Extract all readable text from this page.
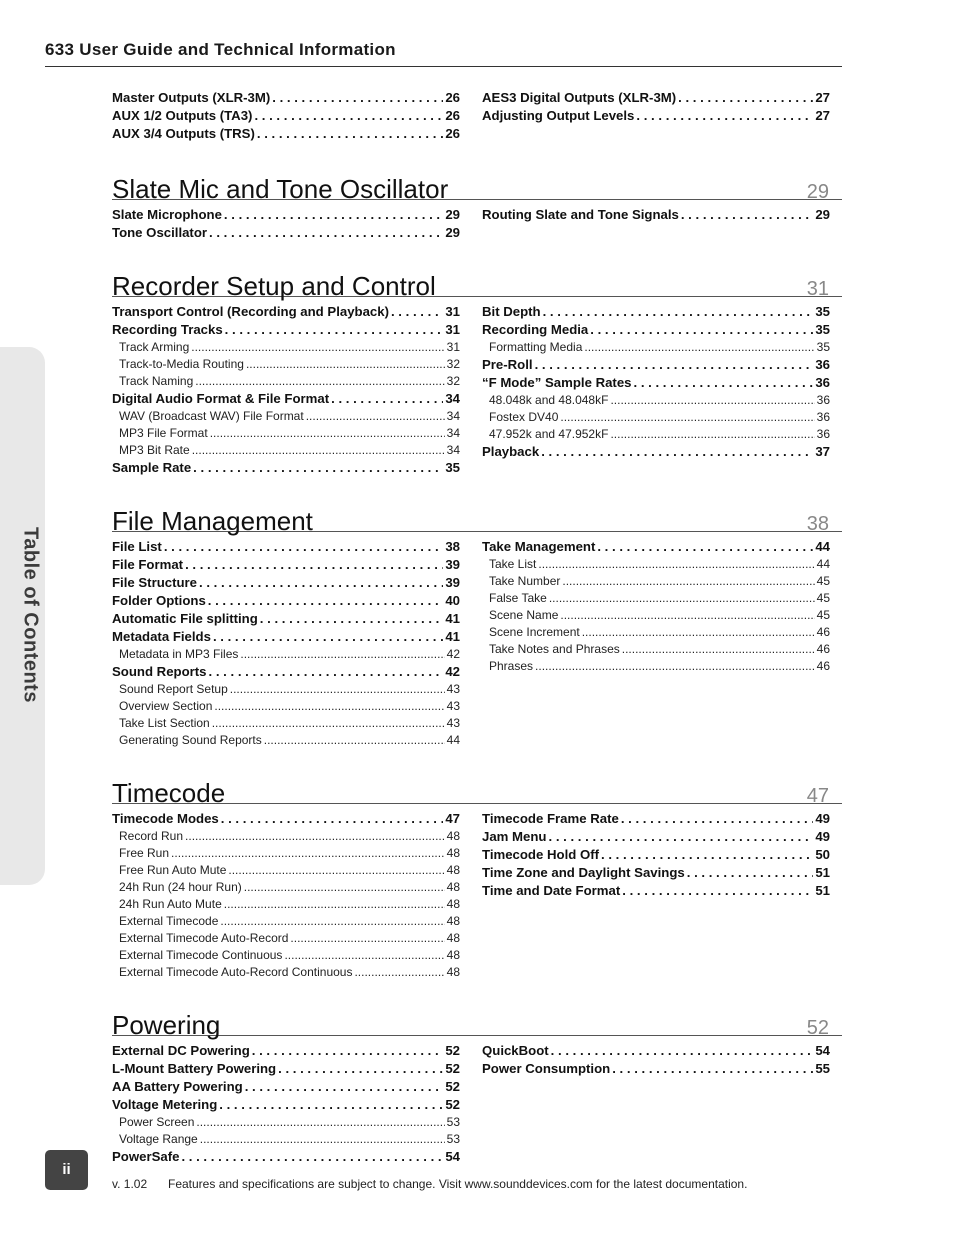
633 User Guide and Technical Information
Table of Contents
Master Outputs (XLR-3M) . . .	26
AUX 1/2 Outputs (TA3) . . .	26
AUX 3/4 Outputs (TRS) . . .	26
AES3 Digital Outputs (XLR-3M) . . .	27
Adjusting Output Levels . . .	27
Slate Mic and Tone Oscillator	29
Slate Microphone . . .	29
Tone Oscillator . . .	29
Routing Slate and Tone Signals . . .	29
Recorder Setup and Control	31
Transport Control (Recording and Playback) . . .	31
Recording Tracks . . .	31
Track Arming .....	31
Track-to-Media Routing .....	32
Track Naming .....	32
Digital Audio Format & File Format . . .	34
WAV (Broadcast WAV) File Format .....	34
MP3 File Format .....	34
MP3 Bit Rate .....	34
Sample Rate . . .	35
Bit Depth . . .	35
Recording Media . . .	35
Formatting Media .....	35
Pre-Roll . . .	36
“F Mode” Sample Rates . . .	36
48.048k and 48.048kF .....	36
Fostex DV40 .....	36
47.952k and 47.952kF .....	36
Playback . . .	37
File Management	38
File List . . .	38
File Format . . .	39
File Structure . . .	39
Folder Options . . .	40
Automatic File splitting . . .	41
Metadata Fields . . .	41
Metadata in MP3 Files .....	42
Sound Reports . . .	42
Sound Report Setup .....	43
Overview Section .....	43
Take List Section .....	43
Generating Sound Reports .....	44
Take Management . . .	44
Take List .....	44
Take Number .....	45
False Take .....	45
Scene Name .....	45
Scene Increment .....	46
Take Notes and Phrases .....	46
Phrases .....	46
Timecode	47
Timecode Modes . . .	47
Record Run .....	48
Free Run .....	48
Free Run Auto Mute .....	48
24h Run (24 hour Run) .....	48
24h Run Auto Mute .....	48
External Timecode .....	48
External Timecode Auto-Record .....	48
External Timecode Continuous .....	48
External Timecode Auto-Record Continuous .....	48
Timecode Frame Rate . . .	49
Jam Menu . . .	49
Timecode Hold Off . . .	50
Time Zone and Daylight Savings . . .	51
Time and Date Format . . .	51
Powering	52
External DC Powering . . .	52
L-Mount Battery Powering . . .	52
AA Battery Powering . . .	52
Voltage Metering . . .	52
Power Screen .....	53
Voltage Range .....	53
PowerSafe . . .	54
QuickBoot . . .	54
Power Consumption . . .	55
ii
v. 1.02 Features and specifications are subject to change. Visit www.sounddevices.com for the latest documentation.
